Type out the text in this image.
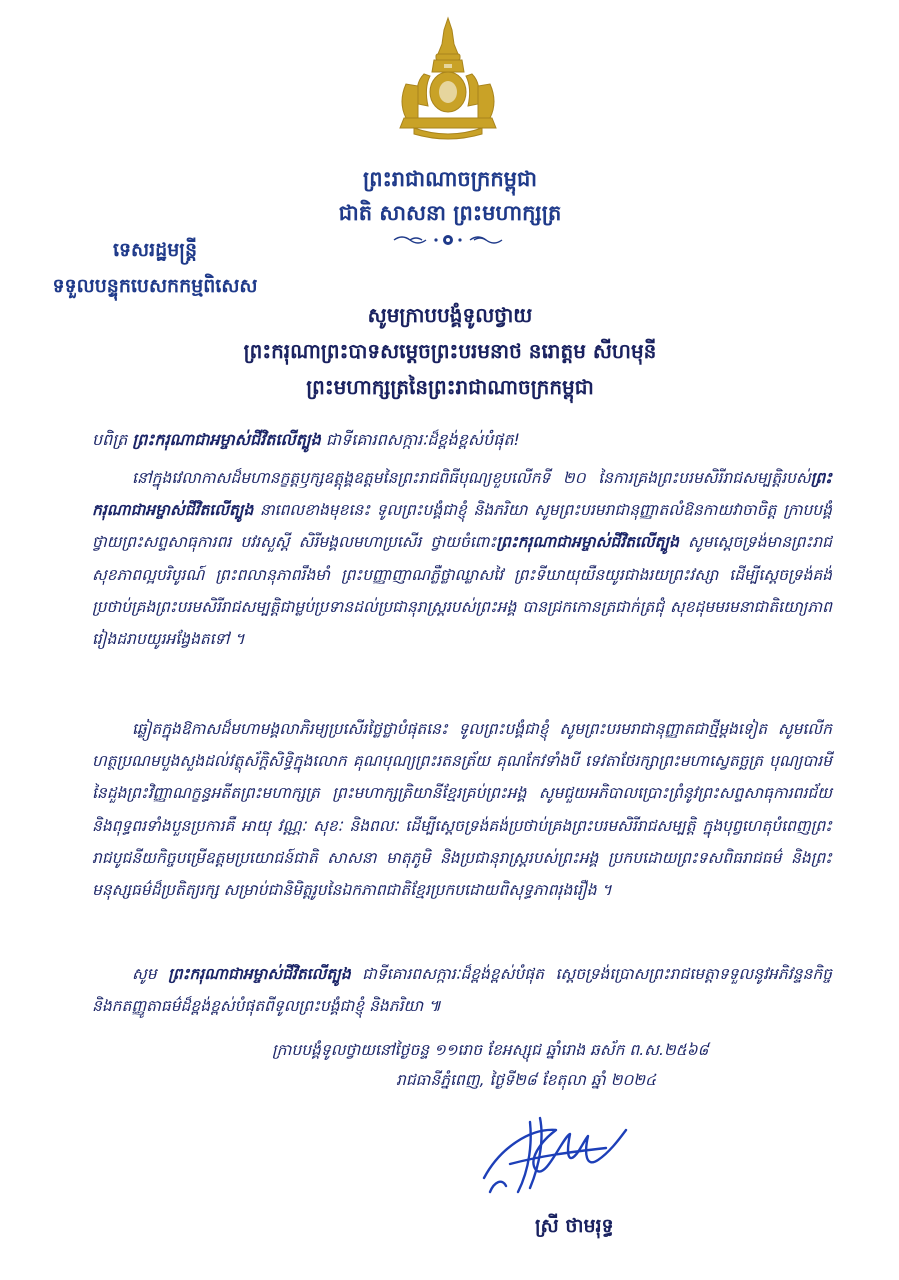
ព្រះរាជាណាចក្រកម្ពុជា
ជាតិ សាសនា ព្រះមហាក្សត្រ
ទេសរដ្ឋមន្ត្រី
ទទួលបន្ទុកបេសកកម្មពិសេស
សូមក្រាបបង្គំទូលថ្វាយ
ព្រះករុណាព្រះបាទសម្តេចព្រះបរមនាថ នរោត្តម សីហមុនី
ព្រះមហាក្សត្រនៃព្រះរាជាណាចក្រកម្ពុជា
បពិត្រ ព្រះករុណាជាអម្ចាស់ជីវិតលើត្បូង ជាទីគោរពសក្ការៈដ៏ខ្ពង់ខ្ពស់បំផុត!
នៅក្នុងវេលាកាសដ៏មហានក្ខត្តឫក្សឧត្តុង្គឧត្តមនៃព្រះរាជពិធីបុណ្យខួបលើកទី ២០ នៃការគ្រងព្រះបរមសិរីរាជសម្បត្តិរបស់ព្រះករុណាជាអម្ចាស់ជីវិតលើត្បូង នាពេលខាងមុខនេះ ទូលព្រះបង្គំជាខ្ញុំ និងភរិយា សូមព្រះបរមរាជានុញ្ញាតលំឱនកាយវាចាចិត្ត ក្រាបបង្គំថ្វាយព្រះសព្ទសាធុការពរ បវរសួស្តី សិរីមង្គលមហាប្រសើរ ថ្វាយចំពោះព្រះករុណាជាអម្ចាស់ជីវិតលើត្បូង សូមស្តេចទ្រង់មានព្រះរាជសុខភាពល្អបរិបូរណ៍ ព្រះពលានុភាពរឹងមាំ ព្រះបញ្ញាញាណភ្លឺថ្លាឈ្លាសវៃ ព្រះទីឃាយុយឺនយូរជាងរយព្រះវស្សា ដើម្បីស្តេចទ្រង់គង់ប្រថាប់គ្រងព្រះបរមសិរីរាជសម្បត្តិជាម្លប់ប្រទានដល់ប្រជានុរាស្ត្ររបស់ព្រះអង្គ បានជ្រកកោនត្រជាក់ត្រជុំ សុខដុមមរមនាជាតិយោ្យភាពរៀងដរាបយូរអង្វែងតទៅ ។
ឆ្លៀតក្នុងឱកាសដ៏មហាមង្គលាភិរម្យប្រសើរថ្លៃថ្លាបំផុតនេះ ទូលព្រះបង្គំជាខ្ញុំ សូមព្រះបរមរាជានុញ្ញាតជាថ្មីម្តងទៀត សូមលើកហត្ថប្រណមបួងសួងដល់វត្ថុស័ក្តិសិទ្ធិក្នុងលោក គុណបុណ្យព្រះរតនត្រ័យ គុណកែវទាំងបី ទេវតាថែរក្សាព្រះមហាស្វេតច្ឆត្រ បុណ្យបារមីនៃដួងព្រះវិញ្ញាណក្ខន្ធអតីតព្រះមហាក្សត្រ ព្រះមហាក្សត្រិយានីខ្មែរគ្រប់ព្រះអង្គ សូមជួយអភិបាលប្រោះព្រំនូវព្រះសព្ទសាធុការពរជ័យ និងពុទ្ធពរទាំងបួនប្រការគឺ អាយុ វណ្ណៈ សុខៈ និងពលៈ ដើម្បីស្តេចទ្រង់គង់ប្រថាប់គ្រងព្រះបរមសិរីរាជសម្បត្តិ ក្នុងបុព្វហេតុបំពេញព្រះរាជបូជនីយកិច្ចបម្រើឧត្តមប្រយោជន៍ជាតិ សាសនា មាតុភូមិ និងប្រជានុរាស្ត្ររបស់ព្រះអង្គ ប្រកបដោយព្រះទសពិធរាជធម៌ និងព្រះមនុស្សធម៌ដ៏ប្រតិត្យរក្ស សម្រាប់ជានិមិត្តរូបនៃឯកភាពជាតិខ្មែរប្រកបដោយពិសុទ្ធភាពរុងរឿង ។
សូម ព្រះករុណាជាអម្ចាស់ជីវិតលើត្បូង ជាទីគោរពសក្ការៈដ៏ខ្ពង់ខ្ពស់បំផុត ស្តេចទ្រង់ប្រោសព្រះរាជមេត្តាទទួលនូវអភិវន្ទនកិច្ច និងកតញ្ញូតាធម៌ដ៏ខ្ពង់ខ្ពស់បំផុតពីទូលព្រះបង្គំជាខ្ញុំ និងភរិយា ៕
ក្រាបបង្គំទូលថ្វាយនៅថ្ងៃចន្ទ ១១រោច ខែអស្សុជ ឆ្នាំរោង ឆស័ក ព.ស.២៥៦៨
រាជធានីភ្នំពេញ, ថ្ងៃទី២៨ ខែតុលា ឆ្នាំ ២០២៤
ស្រី ថាមរុទ្ធ
